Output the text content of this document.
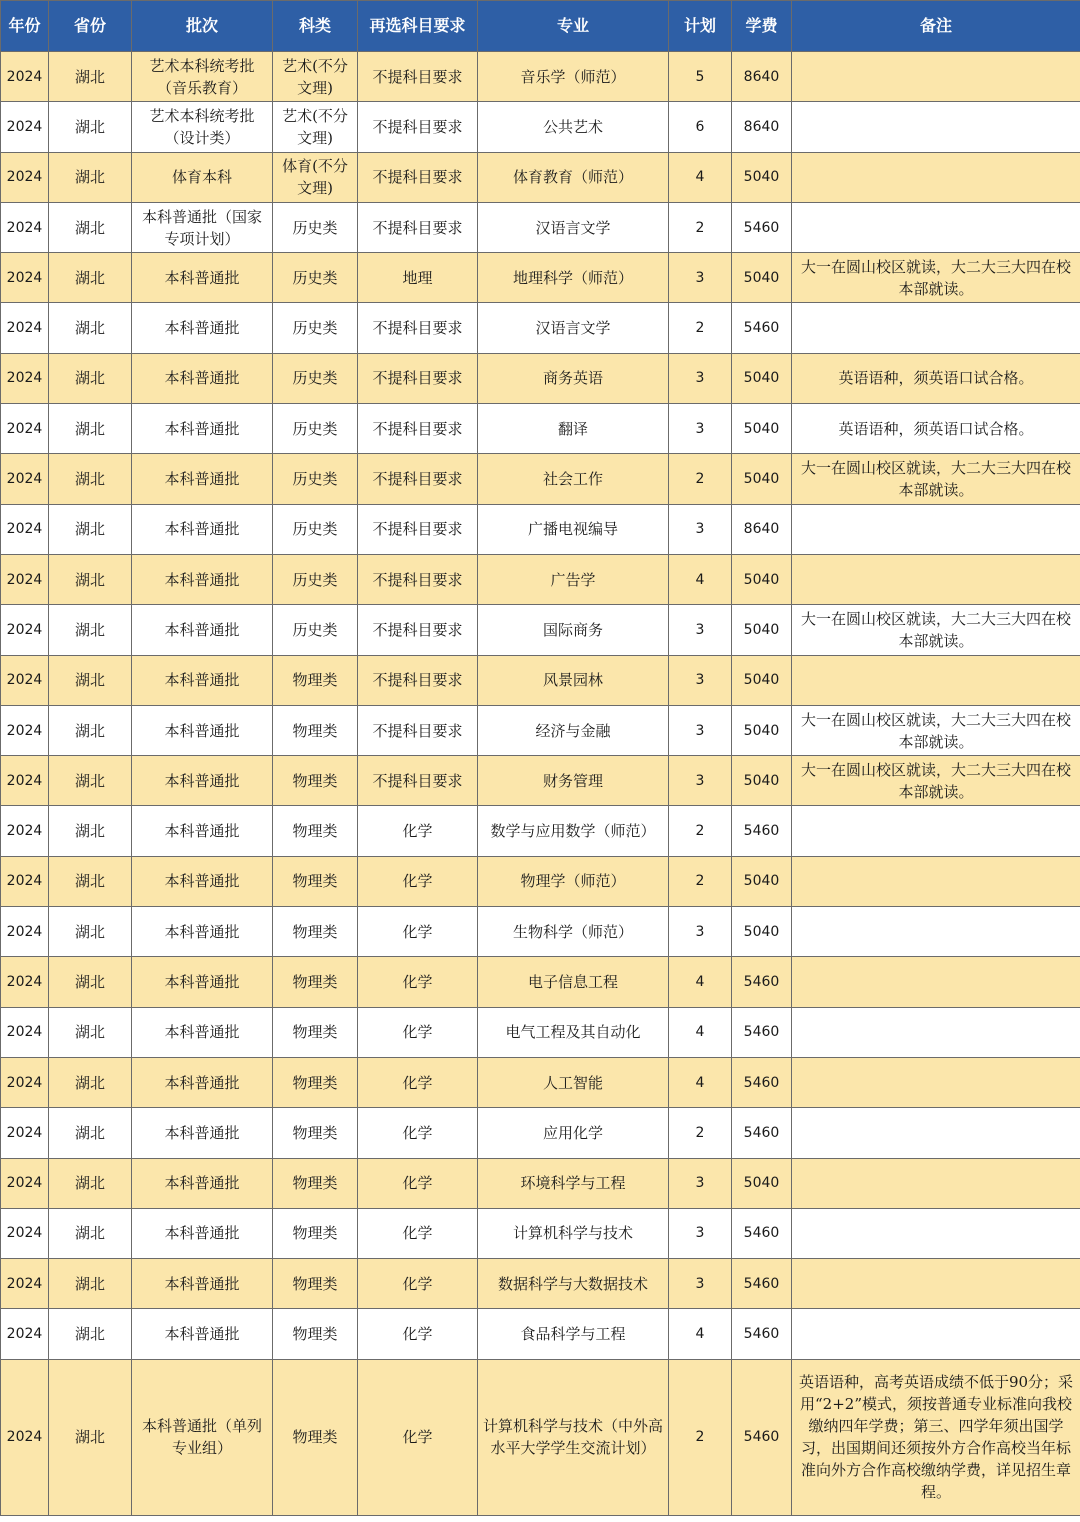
年份	省份	批次	科类	再选科目要求	专业	计划	学费	备注
2024	湖北	艺术本科统考批（音乐教育）	艺术(不分文理)	不提科目要求	音乐学（师范）	5	8640	
2024	湖北	艺术本科统考批（设计类）	艺术(不分文理)	不提科目要求	公共艺术	6	8640	
2024	湖北	体育本科	体育(不分文理)	不提科目要求	体育教育（师范）	4	5040	
2024	湖北	本科普通批（国家专项计划）	历史类	不提科目要求	汉语言文学	2	5460	
2024	湖北	本科普通批	历史类	地理	地理科学（师范）	3	5040	大一在圆山校区就读，大二大三大四在校本部就读。
2024	湖北	本科普通批	历史类	不提科目要求	汉语言文学	2	5460	
2024	湖北	本科普通批	历史类	不提科目要求	商务英语	3	5040	英语语种，须英语口试合格。
2024	湖北	本科普通批	历史类	不提科目要求	翻译	3	5040	英语语种，须英语口试合格。
2024	湖北	本科普通批	历史类	不提科目要求	社会工作	2	5040	大一在圆山校区就读，大二大三大四在校本部就读。
2024	湖北	本科普通批	历史类	不提科目要求	广播电视编导	3	8640	
2024	湖北	本科普通批	历史类	不提科目要求	广告学	4	5040	
2024	湖北	本科普通批	历史类	不提科目要求	国际商务	3	5040	大一在圆山校区就读，大二大三大四在校本部就读。
2024	湖北	本科普通批	物理类	不提科目要求	风景园林	3	5040	
2024	湖北	本科普通批	物理类	不提科目要求	经济与金融	3	5040	大一在圆山校区就读，大二大三大四在校本部就读。
2024	湖北	本科普通批	物理类	不提科目要求	财务管理	3	5040	大一在圆山校区就读，大二大三大四在校本部就读。
2024	湖北	本科普通批	物理类	化学	数学与应用数学（师范）	2	5460	
2024	湖北	本科普通批	物理类	化学	物理学（师范）	2	5040	
2024	湖北	本科普通批	物理类	化学	生物科学（师范）	3	5040	
2024	湖北	本科普通批	物理类	化学	电子信息工程	4	5460	
2024	湖北	本科普通批	物理类	化学	电气工程及其自动化	4	5460	
2024	湖北	本科普通批	物理类	化学	人工智能	4	5460	
2024	湖北	本科普通批	物理类	化学	应用化学	2	5460	
2024	湖北	本科普通批	物理类	化学	环境科学与工程	3	5040	
2024	湖北	本科普通批	物理类	化学	计算机科学与技术	3	5460	
2024	湖北	本科普通批	物理类	化学	数据科学与大数据技术	3	5460	
2024	湖北	本科普通批	物理类	化学	食品科学与工程	4	5460	
2024	湖北	本科普通批（单列专业组）	物理类	化学	计算机科学与技术（中外高水平大学学生交流计划）	2	5460	英语语种，高考英语成绩不低于90分；采用“2+2”模式，须按普通专业标准向我校缴纳四年学费；第三、四学年须出国学习，出国期间还须按外方合作高校当年标准向外方合作高校缴纳学费，详见招生章程。
